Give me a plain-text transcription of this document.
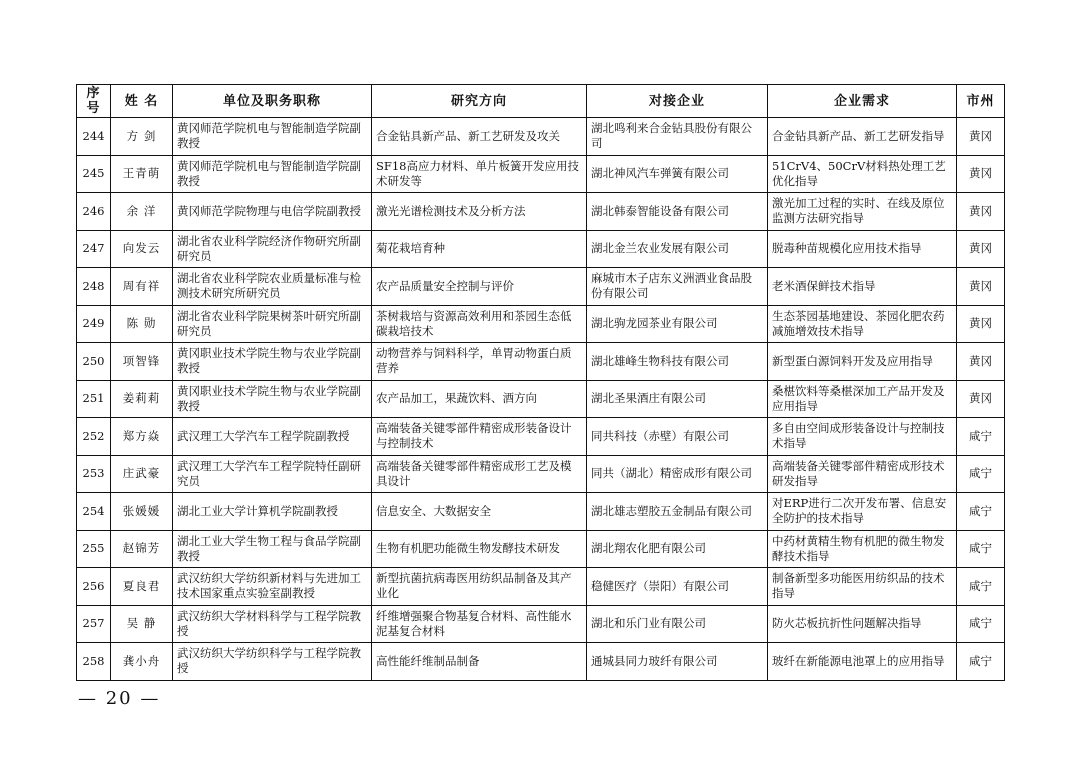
序号	姓 名	单位及职务职称	研究方向	对接企业	企业需求	市州
244	方 剑	黄冈师范学院机电与智能制造学院副教授	合金钻具新产品、新工艺研发及攻关	湖北鸣利来合金钻具股份有限公司	合金钻具新产品、新工艺研发指导	黄冈
245	王青萌	黄冈师范学院机电与智能制造学院副教授	SF18高应力材料、单片板簧开发应用技术研发等	湖北神风汽车弹簧有限公司	51CrV4、50CrV材料热处理工艺优化指导	黄冈
246	余 洋	黄冈师范学院物理与电信学院副教授	激光光谱检测技术及分析方法	湖北韩泰智能设备有限公司	激光加工过程的实时、在线及原位监测方法研究指导	黄冈
247	向发云	湖北省农业科学院经济作物研究所副研究员	菊花栽培育种	湖北金兰农业发展有限公司	脱毒种苗规模化应用技术指导	黄冈
248	周有祥	湖北省农业科学院农业质量标准与检测技术研究所研究员	农产品质量安全控制与评价	麻城市木子店东义洲酒业食品股份有限公司	老米酒保鲜技术指导	黄冈
249	陈 勋	湖北省农业科学院果树茶叶研究所副研究员	茶树栽培与资源高效利用和茶园生态低碳栽培技术	湖北驹龙园茶业有限公司	生态茶园基地建设、茶园化肥农药减施增效技术指导	黄冈
250	项智锋	黄冈职业技术学院生物与农业学院副教授	动物营养与饲料科学，单胃动物蛋白质营养	湖北雄峰生物科技有限公司	新型蛋白源饲料开发及应用指导	黄冈
251	姜莉莉	黄冈职业技术学院生物与农业学院副教授	农产品加工，果蔬饮料、酒方向	湖北圣果酒庄有限公司	桑椹饮料等桑椹深加工产品开发及应用指导	黄冈
252	郑方焱	武汉理工大学汽车工程学院副教授	高端装备关键零部件精密成形装备设计与控制技术	同共科技（赤壁）有限公司	多自由空间成形装备设计与控制技术指导	咸宁
253	庄武豪	武汉理工大学汽车工程学院特任副研究员	高端装备关键零部件精密成形工艺及模具设计	同共（湖北）精密成形有限公司	高端装备关键零部件精密成形技术研发指导	咸宁
254	张媛媛	湖北工业大学计算机学院副教授	信息安全、大数据安全	湖北雄志塑胶五金制品有限公司	对ERP进行二次开发布署、信息安全防护的技术指导	咸宁
255	赵锦芳	湖北工业大学生物工程与食品学院副教授	生物有机肥功能微生物发酵技术研发	湖北翔农化肥有限公司	中药材黄精生物有机肥的微生物发酵技术指导	咸宁
256	夏良君	武汉纺织大学纺织新材料与先进加工技术国家重点实验室副教授	新型抗菌抗病毒医用纺织品制备及其产业化	稳健医疗（崇阳）有限公司	制备新型多功能医用纺织品的技术指导	咸宁
257	吴 静	武汉纺织大学材料科学与工程学院教授	纤维增强聚合物基复合材料、高性能水泥基复合材料	湖北和乐门业有限公司	防火芯板抗折性问题解决指导	咸宁
258	龚小舟	武汉纺织大学纺织科学与工程学院教授	高性能纤维制品制备	通城县同力玻纤有限公司	玻纤在新能源电池罩上的应用指导	咸宁
— 20 —
